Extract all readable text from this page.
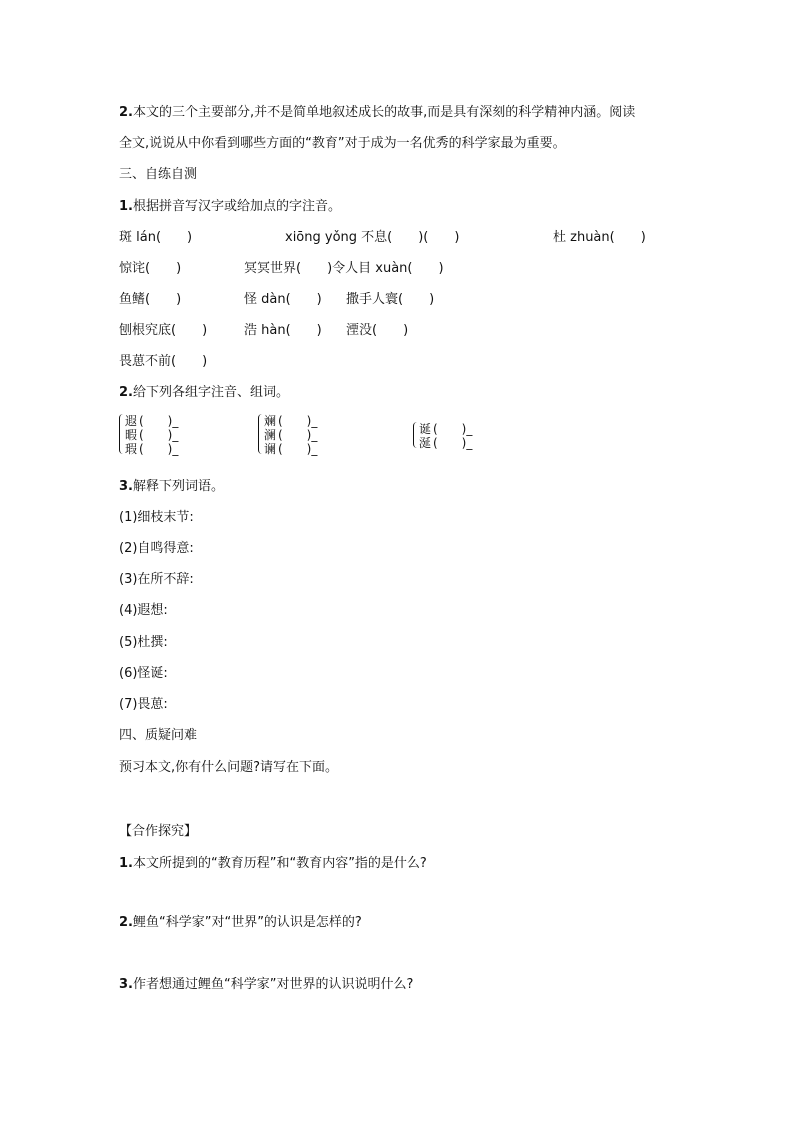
2.本文的三个主要部分,并不是简单地叙述成长的故事,而是具有深刻的科学精神内涵。阅读
全文,说说从中你看到哪些方面的“教育”对于成为一名优秀的科学家最为重要。
三、自练自测
1.根据拼音写汉字或给加点的字注音。
斑 lán(　　)	xiōng yǒng 不息(　　)(　　)	杜 zhuàn(　　)
惊诧(　　)	冥冥世界(　　)令人目 xuàn(　　)
鱼鳍(　　)	怪 dàn(　　) 撒手人寰(　　)
刨根究底(　　)	浩 hàn(　　) 湮没(　　)
畏葸不前(　　)
2.给下列各组字注音、组词。
遐 (　　)_
暇 (　　)_
瑕 (　　)_
斓 (　　)_
澜 (　　)_
谰 (　　)_
诞 (　　)_
涎 (　　)_
3.解释下列词语。
(1)细枝末节:
(2)自鸣得意:
(3)在所不辞:
(4)遐想:
(5)杜撰:
(6)怪诞:
(7)畏葸:
四、质疑问难
预习本文,你有什么问题?请写在下面。
【合作探究】
1.本文所提到的“教育历程”和“教育内容”指的是什么?
2.鲤鱼“科学家”对“世界”的认识是怎样的?
3.作者想通过鲤鱼“科学家”对世界的认识说明什么?
